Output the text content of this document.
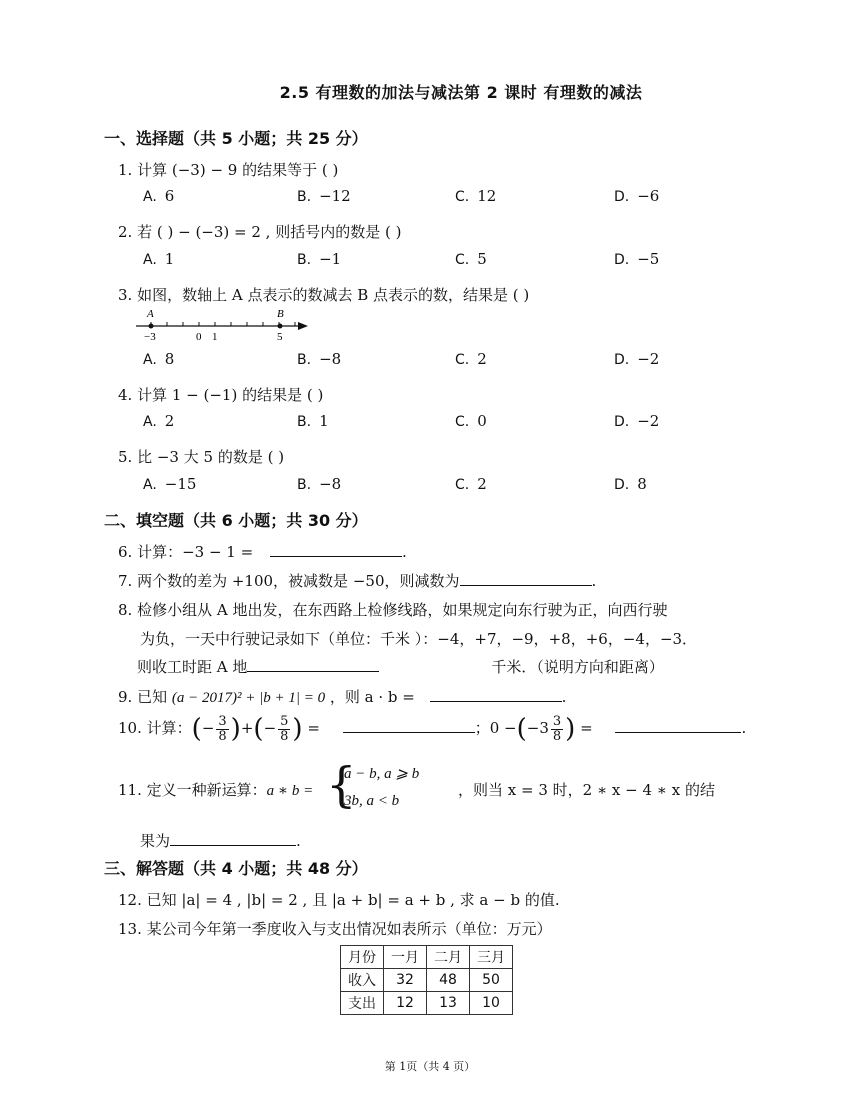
2.5 有理数的加法与减法第 2 课时 有理数的减法
一、选择题（共 5 小题；共 25 分）
1. 计算 (−3) − 9 的结果等于 ( )
A. 6	B. −12	C. 12	D. −6
2. 若 ( ) − (−3) = 2 , 则括号内的数是 ( )
A. 1	B. −1	C. 5	D. −5
3. 如图，数轴上 A 点表示的数减去 B 点表示的数，结果是 ( )
A	B
−3	0 1	5
A. 8	B. −8	C. 2	D. −2
4. 计算 1 − (−1) 的结果是 ( )
A. 2	B. 1	C. 0	D. −2
5. 比 −3 大 5 的数是 ( )
A. −15	B. −8	C. 2	D. 8
二、填空题（共 6 小题；共 30 分）
6. 计算：−3 − 1 =	.
7. 两个数的差为 +100，被减数是 −50，则减数为	.
8. 检修小组从 A 地出发，在东西路上检修线路，如果规定向东行驶为正，向西行驶
为负，一天中行驶记录如下（单位：千米 ）：−4，+7，−9，+8，+6，−4，−3．
则收工时距 A 地	千米．（说明方向和距离）
9. 已知 (a − 2017)² + |b + 1| = 0 ，则 a · b =	.
10. 计算：(− $\frac{3}{8}$ )+(− $\frac{5}{8}$ ) =	；$0 -(-3 \frac{3}{8}$ ) =	.
11. 定义一种新运算：a ∗ b = {
a − b, a ⩾ b
3b, a < b
，则当 x = 3 时，2 ∗ x − 4 ∗ x 的结
果为	.
三、解答题（共 4 小题；共 48 分）
12. 已知 |a| = 4 , |b| = 2 , 且 |a + b| = a + b , 求 a − b 的值.
13. 某公司今年第一季度收入与支出情况如表所示（单位：万元）
月份	一月	二月	三月
收入	32	48	50
支出	12	13	10
第 1页（共 4 页）
